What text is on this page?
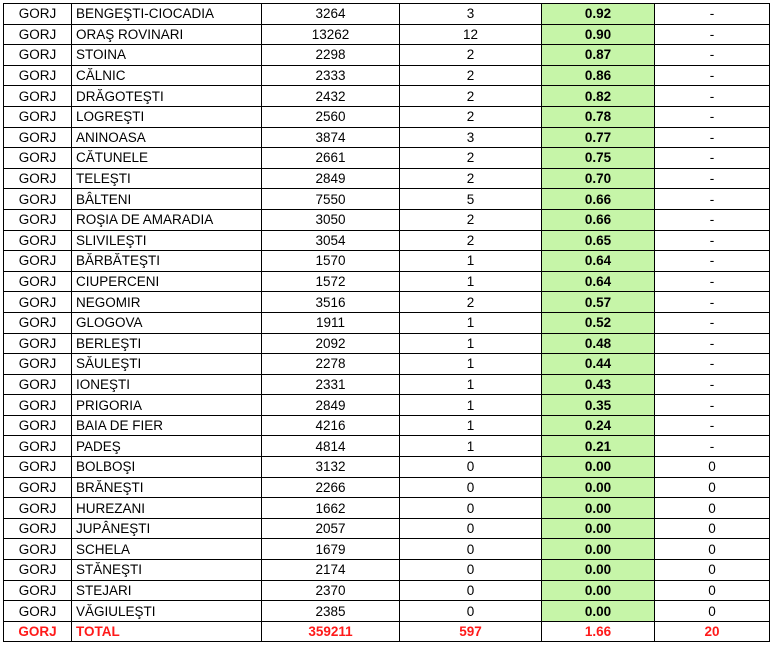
GORJ	BENGEŞTI-CIOCADIA	3264	3	0.92	-
GORJ	ORAŞ ROVINARI	13262	12	0.90	-
GORJ	STOINA	2298	2	0.87	-
GORJ	CĂLNIC	2333	2	0.86	-
GORJ	DRĂGOTEŞTI	2432	2	0.82	-
GORJ	LOGREŞTI	2560	2	0.78	-
GORJ	ANINOASA	3874	3	0.77	-
GORJ	CĂTUNELE	2661	2	0.75	-
GORJ	TELEŞTI	2849	2	0.70	-
GORJ	BÂLTENI	7550	5	0.66	-
GORJ	ROŞIA DE AMARADIA	3050	2	0.66	-
GORJ	SLIVILEŞTI	3054	2	0.65	-
GORJ	BĂRBĂTEŞTI	1570	1	0.64	-
GORJ	CIUPERCENI	1572	1	0.64	-
GORJ	NEGOMIR	3516	2	0.57	-
GORJ	GLOGOVA	1911	1	0.52	-
GORJ	BERLEŞTI	2092	1	0.48	-
GORJ	SĂULEŞTI	2278	1	0.44	-
GORJ	IONEŞTI	2331	1	0.43	-
GORJ	PRIGORIA	2849	1	0.35	-
GORJ	BAIA DE FIER	4216	1	0.24	-
GORJ	PADEŞ	4814	1	0.21	-
GORJ	BOLBOŞI	3132	0	0.00	0
GORJ	BRĂNEŞTI	2266	0	0.00	0
GORJ	HUREZANI	1662	0	0.00	0
GORJ	JUPÂNEŞTI	2057	0	0.00	0
GORJ	SCHELA	1679	0	0.00	0
GORJ	STĂNEŞTI	2174	0	0.00	0
GORJ	STEJARI	2370	0	0.00	0
GORJ	VĂGIULEŞTI	2385	0	0.00	0
GORJ	TOTAL	359211	597	1.66	20
